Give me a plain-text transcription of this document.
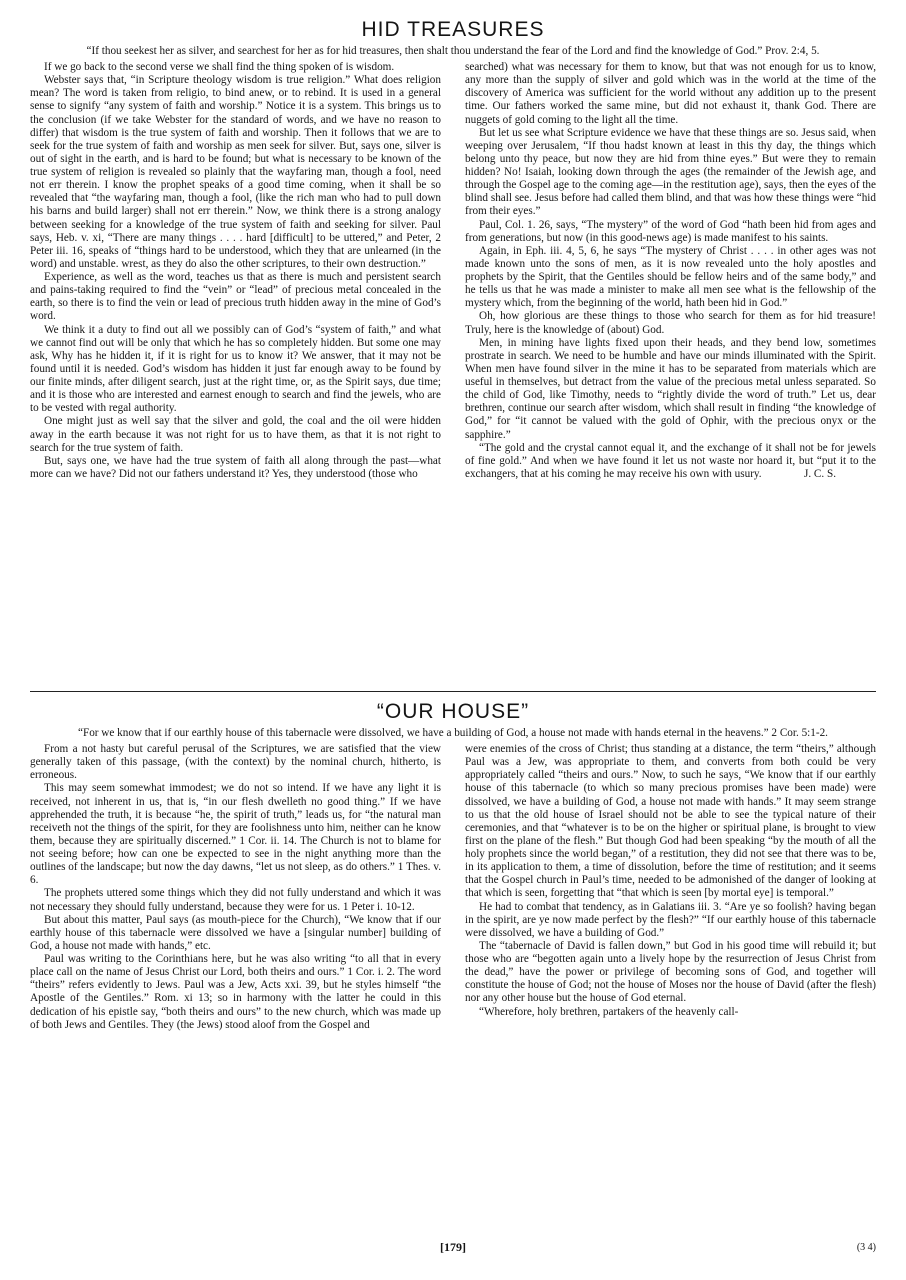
HID TREASURES
“If thou seekest her as silver, and searchest for her as for hid treasures, then shalt thou understand the fear of the Lord and find the knowledge of God.” Prov. 2:4, 5.

If we go back to the second verse we shall find the thing spoken of is wisdom.

Webster says that, “in Scripture theology wisdom is true religion.” What does religion mean? The word is taken from religio, to bind anew, or to rebind. It is used in a general sense to signify “any system of faith and worship.” Notice it is a system. This brings us to the conclusion (if we take Webster for the standard of words, and we have no reason to differ) that wisdom is the true system of faith and worship. Then it follows that we are to seek for the true system of faith and worship as men seek for silver. But, says one, silver is out of sight in the earth, and is hard to be found; but what is necessary to be known of the true system of religion is revealed so plainly that the wayfaring man, though a fool, need not err therein. I know the prophet speaks of a good time coming, when it shall be so revealed that “the wayfaring man, though a fool, (like the rich man who had to pull down his barns and build larger) shall not err therein.” Now, we think there is a strong analogy between seeking for a knowledge of the true system of faith and seeking for silver. Paul says, Heb. v. xi, “There are many things . . . . hard [difficult] to be uttered,” and Peter, 2 Peter iii. 16, speaks of “things hard to be understood, which they that are unlearned (in the word) and unstable. wrest, as they do also the other scriptures, to their own destruction.”

Experience, as well as the word, teaches us that as there is much and persistent search and pains-taking required to find the “vein” or “lead” of precious metal concealed in the earth, so there is to find the vein or lead of precious truth hidden away in the mine of God’s word.

We think it a duty to find out all we possibly can of God’s “system of faith,” and what we cannot find out will be only that which he has so completely hidden. But some one may ask, Why has he hidden it, if it is right for us to know it? We answer, that it may not be found until it is needed. God’s wisdom has hidden it just far enough away to be found by our finite minds, after diligent search, just at the right time, or, as the Spirit says, due time; and it is those who are interested and earnest enough to search and find the jewels, who are to be vested with regal authority.

One might just as well say that the silver and gold, the coal and the oil were hidden away in the earth because it was not right for us to have them, as that it is not right to search for the true system of faith.

But, says one, we have had the true system of faith all along through the past—what more can we have? Did not our fathers understand it? Yes, they understood (those who

searched) what was necessary for them to know, but that was not enough for us to know, any more than the supply of silver and gold which was in the world at the time of the discovery of America was sufficient for the world without any addition up to the present time. Our fathers worked the same mine, but did not exhaust it, thank God. There are nuggets of gold coming to the light all the time.

But let us see what Scripture evidence we have that these things are so. Jesus said, when weeping over Jerusalem, “If thou hadst known at least in this thy day, the things which belong unto thy peace, but now they are hid from thine eyes.” But were they to remain hidden? No! Isaiah, looking down through the ages (the remainder of the Jewish age, and through the Gospel age to the coming age—in the restitution age), says, then the eyes of the blind shall see. Jesus before had called them blind, and that was how these things were “hid from their eyes.”

Paul, Col. 1. 26, says, “The mystery” of the word of God “hath been hid from ages and from generations, but now (in this good-news age) is made manifest to his saints.

Again, in Eph. iii. 4, 5, 6, he says “The mystery of Christ . . . . in other ages was not made known unto the sons of men, as it is now revealed unto the holy apostles and prophets by the Spirit, that the Gentiles should be fellow heirs and of the same body,” and he tells us that he was made a minister to make all men see what is the fellowship of the mystery which, from the beginning of the world, hath been hid in God.”

Oh, how glorious are these things to those who search for them as for hid treasure! Truly, here is the knowledge of (about) God.

Men, in mining have lights fixed upon their heads, and they bend low, sometimes prostrate in search. We need to be humble and have our minds illuminated with the Spirit. When men have found silver in the mine it has to be separated from materials which are useful in themselves, but detract from the value of the precious metal unless separated. So the child of God, like Timothy, needs to “rightly divide the word of truth.” Let us, dear brethren, continue our search after wisdom, which shall result in finding “the knowledge of God,” for “it cannot be valued with the gold of Ophir, with the precious onyx or the sapphire.”

“The gold and the crystal cannot equal it, and the exchange of it shall not be for jewels of fine gold.” And when we have found it let us not waste nor hoard it, but “put it to the exchangers, that at his coming he may receive his own with usury.	J. C. S.
“OUR HOUSE”
“For we know that if our earthly house of this tabernacle were dissolved, we have a building of God, a house not made with hands eternal in the heavens.” 2 Cor. 5:1-2.

From a not hasty but careful perusal of the Scriptures, we are satisfied that the view generally taken of this passage, (with the context) by the nominal church, hitherto, is erroneous.

This may seem somewhat immodest; we do not so intend. If we have any light it is received, not inherent in us, that is, “in our flesh dwelleth no good thing.” If we have apprehended the truth, it is because “he, the spirit of truth,” leads us, for “the natural man receiveth not the things of the spirit, for they are foolishness unto him, neither can he know them, because they are spiritually discerned.” 1 Cor. ii. 14. The Church is not to blame for not seeing before; how can one be expected to see in the night anything more than the outlines of the landscape; but now the day dawns, “let us not sleep, as do others.” 1 Thes. v. 6.

The prophets uttered some things which they did not fully understand and which it was not necessary they should fully understand, because they were for us. 1 Peter i. 10-12.

But about this matter, Paul says (as mouth-piece for the Church), “We know that if our earthly house of this tabernacle were dissolved we have a [singular number] building of God, a house not made with hands,” etc.

Paul was writing to the Corinthians here, but he was also writing “to all that in every place call on the name of Jesus Christ our Lord, both theirs and ours.” 1 Cor. i. 2. The word “theirs” refers evidently to Jews. Paul was a Jew, Acts xxi. 39, but he styles himself “the Apostle of the Gentiles.” Rom. xi 13; so in harmony with the latter he could in this dedication of his epistle say, “both theirs and ours” to the new church, which was made up of both Jews and Gentiles. They (the Jews) stood aloof from the Gospel and

were enemies of the cross of Christ; thus standing at a distance, the term “theirs,” although Paul was a Jew, was appropriate to them, and converts from both could be very appropriately called “theirs and ours.” Now, to such he says, “We know that if our earthly house of this tabernacle (to which so many precious promises have been made) were dissolved, we have a building of God, a house not made with hands.” It may seem strange to us that the old house of Israel should not be able to see the typical nature of their ceremonies, and that “whatever is to be on the higher or spiritual plane, is brought to view first on the plane of the flesh.” But though God had been speaking “by the mouth of all the holy prophets since the world began,” of a restitution, they did not see that there was to be, in its application to them, a time of dissolution, before the time of restitution; and it seems that the Gospel church in Paul’s time, needed to be admonished of the danger of looking at that which is seen, forgetting that “that which is seen [by mortal eye] is temporal.”

He had to combat that tendency, as in Galatians iii. 3. “Are ye so foolish? having began in the spirit, are ye now made perfect by the flesh?” “If our earthly house of this tabernacle were dissolved, we have a building of God.”

The “tabernacle of David is fallen down,” but God in his good time will rebuild it; but those who are “begotten again unto a lively hope by the resurrection of Jesus Christ from the dead,” have the power or privilege of becoming sons of God, and together will constitute the house of God; not the house of Moses nor the house of David (after the flesh) nor any other house but the house of God eternal.

“Wherefore, holy brethren, partakers of the heavenly call-

[179]	(3 4)
